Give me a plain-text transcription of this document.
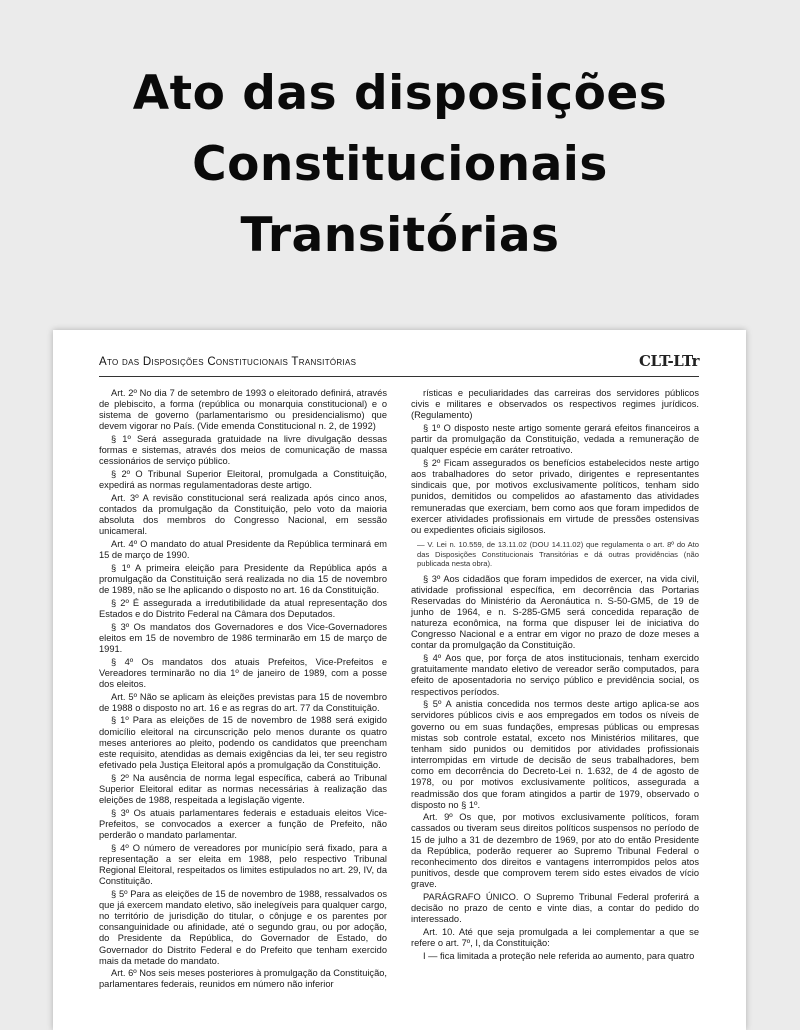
Ato das disposições
Constitucionais
Transitórias
Ato das Disposições Constitucionais Transitórias	CLT-LTr

Art. 2º No dia 7 de setembro de 1993 o eleitorado definirá, através de plebiscito, a forma (república ou monarquia constitucional) e o sistema de governo (parlamentarismo ou presidencialismo) que devem vigorar no País. (Vide emenda Constitucional n. 2, de 1992)

§ 1º Será assegurada gratuidade na livre divulgação dessas formas e sistemas, através dos meios de comunicação de massa cessionários de serviço público.

§ 2º O Tribunal Superior Eleitoral, promulgada a Constituição, expedirá as normas regulamentadoras deste artigo.

Art. 3º A revisão constitucional será realizada após cinco anos, contados da promulgação da Constituição, pelo voto da maioria absoluta dos membros do Congresso Nacional, em sessão unicameral.

Art. 4º O mandato do atual Presidente da República terminará em 15 de março de 1990.

§ 1º A primeira eleição para Presidente da República após a promulgação da Constituição será realizada no dia 15 de novembro de 1989, não se lhe aplicando o disposto no art. 16 da Constituição.

§ 2º É assegurada a irredutibilidade da atual representação dos Estados e do Distrito Federal na Câmara dos Deputados.

§ 3º Os mandatos dos Governadores e dos Vice-Governadores eleitos em 15 de novembro de 1986 terminarão em 15 de março de 1991.

§ 4º Os mandatos dos atuais Prefeitos, Vice-Prefeitos e Vereadores terminarão no dia 1º de janeiro de 1989, com a posse dos eleitos.

Art. 5º Não se aplicam às eleições previstas para 15 de novembro de 1988 o disposto no art. 16 e as regras do art. 77 da Constituição.

§ 1º Para as eleições de 15 de novembro de 1988 será exigido domicílio eleitoral na circunscrição pelo menos durante os quatro meses anteriores ao pleito, podendo os candidatos que preencham este requisito, atendidas as demais exigências da lei, ter seu registro efetivado pela Justiça Eleitoral após a promulgação da Constituição.

§ 2º Na ausência de norma legal específica, caberá ao Tribunal Superior Eleitoral editar as normas necessárias à realização das eleições de 1988, respeitada a legislação vigente.

§ 3º Os atuais parlamentares federais e estaduais eleitos Vice-Prefeitos, se convocados a exercer a função de Prefeito, não perderão o mandato parlamentar.

§ 4º O número de vereadores por município será fixado, para a representação a ser eleita em 1988, pelo respectivo Tribunal Regional Eleitoral, respeitados os limites estipulados no art. 29, IV, da Constituição.

§ 5º Para as eleições de 15 de novembro de 1988, ressalvados os que já exercem mandato eletivo, são inelegíveis para qualquer cargo, no território de jurisdição do titular, o cônjuge e os parentes por consanguinidade ou afinidade, até o segundo grau, ou por adoção, do Presidente da República, do Governador de Estado, do Governador do Distrito Federal e do Prefeito que tenham exercido mais da metade do mandato.

Art. 6º Nos seis meses posteriores à promulgação da Constituição, parlamentares federais, reunidos em número não inferior

rísticas e peculiaridades das carreiras dos servidores públicos civis e militares e observados os respectivos regimes jurídicos. (Regulamento)

§ 1º O disposto neste artigo somente gerará efeitos financeiros a partir da promulgação da Constituição, vedada a remuneração de qualquer espécie em caráter retroativo.

§ 2º Ficam assegurados os benefícios estabelecidos neste artigo aos trabalhadores do setor privado, dirigentes e representantes sindicais que, por motivos exclusivamente políticos, tenham sido punidos, demitidos ou compelidos ao afastamento das atividades remuneradas que exerciam, bem como aos que foram impedidos de exercer atividades profissionais em virtude de pressões ostensivas ou expedientes oficiais sigilosos.

— V. Lei n. 10.559, de 13.11.02 (DOU 14.11.02) que regulamenta o art. 8º do Ato das Disposições Constitucionais Transitórias e dá outras providências (não publicada nesta obra).

§ 3º Aos cidadãos que foram impedidos de exercer, na vida civil, atividade profissional específica, em decorrência das Portarias Reservadas do Ministério da Aeronáutica n. S-50-GM5, de 19 de junho de 1964, e n. S-285-GM5 será concedida reparação de natureza econômica, na forma que dispuser lei de iniciativa do Congresso Nacional e a entrar em vigor no prazo de doze meses a contar da promulgação da Constituição.

§ 4º Aos que, por força de atos institucionais, tenham exercido gratuitamente mandato eletivo de vereador serão computados, para efeito de aposentadoria no serviço público e previdência social, os respectivos períodos.

§ 5º A anistia concedida nos termos deste artigo aplica-se aos servidores públicos civis e aos empregados em todos os níveis de governo ou em suas fundações, empresas públicas ou empresas mistas sob controle estatal, exceto nos Ministérios militares, que tenham sido punidos ou demitidos por atividades profissionais interrompidas em virtude de decisão de seus trabalhadores, bem como em decorrência do Decreto-Lei n. 1.632, de 4 de agosto de 1978, ou por motivos exclusivamente políticos, assegurada a readmissão dos que foram atingidos a partir de 1979, observado o disposto no § 1º.

Art. 9º Os que, por motivos exclusivamente políticos, foram cassados ou tiveram seus direitos políticos suspensos no período de 15 de julho a 31 de dezembro de 1969, por ato do então Presidente da República, poderão requerer ao Supremo Tribunal Federal o reconhecimento dos direitos e vantagens interrompidos pelos atos punitivos, desde que comprovem terem sido estes eivados de vício grave.

PARÁGRAFO ÚNICO. O Supremo Tribunal Federal proferirá a decisão no prazo de cento e vinte dias, a contar do pedido do interessado.

Art. 10. Até que seja promulgada a lei complementar a que se refere o art. 7º, I, da Constituição:

I — fica limitada a proteção nele referida ao aumento, para quatro
